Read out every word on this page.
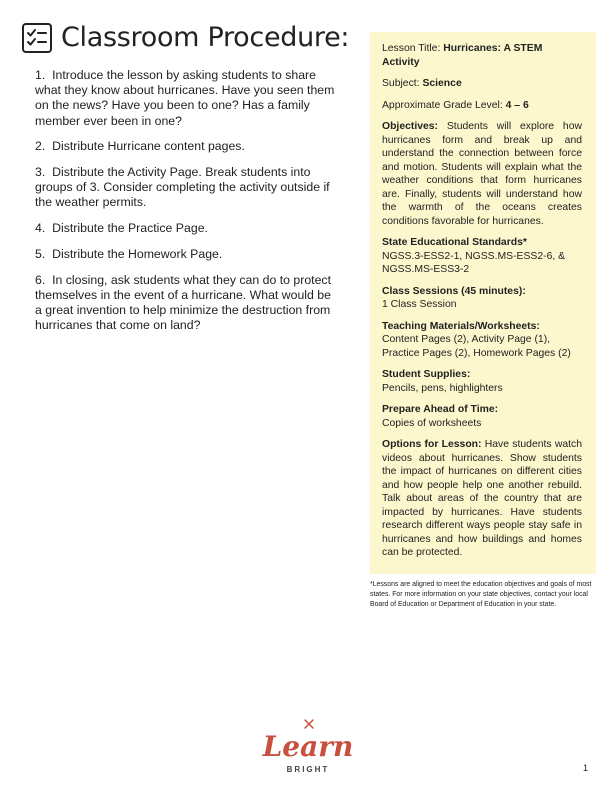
Classroom Procedure:
1. Introduce the lesson by asking students to share what they know about hurricanes. Have you seen them on the news? Have you been to one? Has a family member ever been in one?
2. Distribute Hurricane content pages.
3. Distribute the Activity Page. Break students into groups of 3. Consider completing the activity outside if the weather permits.
4. Distribute the Practice Page.
5. Distribute the Homework Page.
6. In closing, ask students what they can do to protect themselves in the event of a hurricane. What would be a great invention to help minimize the destruction from hurricanes that come on land?

Lesson Title: Hurricanes: A STEM Activity

Subject: Science

Approximate Grade Level: 4 – 6

Objectives: Students will explore how hurricanes form and break up and understand the connection between force and motion. Students will explain what the weather conditions that form hurricanes are. Finally, students will understand how the warmth of the oceans creates conditions favorable for hurricanes.

State Educational Standards*
NGSS.3-ESS2-1, NGSS.MS-ESS2-6, & NGSS.MS-ESS3-2

Class Sessions (45 minutes):
1 Class Session

Teaching Materials/Worksheets:
Content Pages (2), Activity Page (1), Practice Pages (2), Homework Pages (2)

Student Supplies:
Pencils, pens, highlighters

Prepare Ahead of Time:
Copies of worksheets

Options for Lesson: Have students watch videos about hurricanes. Show students the impact of hurricanes on different cities and how people help one another rebuild. Talk about areas of the country that are impacted by hurricanes. Have students research different ways people stay safe in hurricanes and how buildings and homes can be protected.

*Lessons are aligned to meet the education objectives and goals of most states. For more information on your state objectives, contact your local Board of Education or Department of Education in your state.
Learn
BRIGHT	1
